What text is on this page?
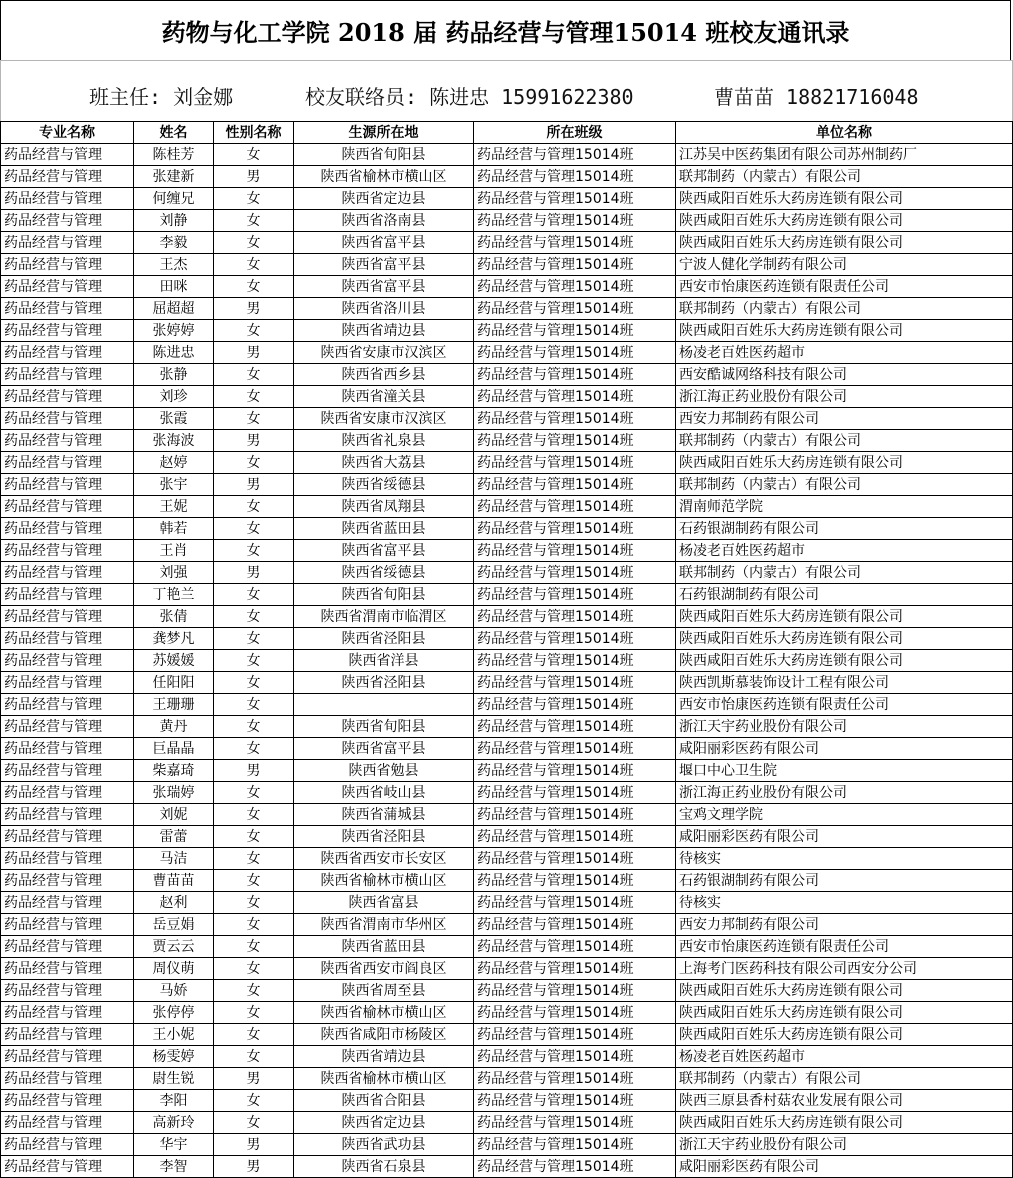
药物与化工学院 2018 届 药品经营与管理15014 班校友通讯录
班主任: 刘金娜	校友联络员: 陈进忠 15991622380	曹苗苗 18821716048
专业名称	姓名	性别名称	生源所在地	所在班级	单位名称
药品经营与管理	陈桂芳	女	陕西省旬阳县	药品经营与管理15014班	江苏吴中医药集团有限公司苏州制药厂
药品经营与管理	张建新	男	陕西省榆林市横山区	药品经营与管理15014班	联邦制药（内蒙古）有限公司
药品经营与管理	何缠兄	女	陕西省定边县	药品经营与管理15014班	陕西咸阳百姓乐大药房连锁有限公司
药品经营与管理	刘静	女	陕西省洛南县	药品经营与管理15014班	陕西咸阳百姓乐大药房连锁有限公司
药品经营与管理	李毅	女	陕西省富平县	药品经营与管理15014班	陕西咸阳百姓乐大药房连锁有限公司
药品经营与管理	王杰	女	陕西省富平县	药品经营与管理15014班	宁波人健化学制药有限公司
药品经营与管理	田咪	女	陕西省富平县	药品经营与管理15014班	西安市怡康医药连锁有限责任公司
药品经营与管理	屈超超	男	陕西省洛川县	药品经营与管理15014班	联邦制药（内蒙古）有限公司
药品经营与管理	张婷婷	女	陕西省靖边县	药品经营与管理15014班	陕西咸阳百姓乐大药房连锁有限公司
药品经营与管理	陈进忠	男	陕西省安康市汉滨区	药品经营与管理15014班	杨凌老百姓医药超市
药品经营与管理	张静	女	陕西省西乡县	药品经营与管理15014班	西安酷诚网络科技有限公司
药品经营与管理	刘珍	女	陕西省潼关县	药品经营与管理15014班	浙江海正药业股份有限公司
药品经营与管理	张霞	女	陕西省安康市汉滨区	药品经营与管理15014班	西安力邦制药有限公司
药品经营与管理	张海波	男	陕西省礼泉县	药品经营与管理15014班	联邦制药（内蒙古）有限公司
药品经营与管理	赵婷	女	陕西省大荔县	药品经营与管理15014班	陕西咸阳百姓乐大药房连锁有限公司
药品经营与管理	张宇	男	陕西省绥德县	药品经营与管理15014班	联邦制药（内蒙古）有限公司
药品经营与管理	王妮	女	陕西省凤翔县	药品经营与管理15014班	渭南师范学院
药品经营与管理	韩若	女	陕西省蓝田县	药品经营与管理15014班	石药银湖制药有限公司
药品经营与管理	王肖	女	陕西省富平县	药品经营与管理15014班	杨凌老百姓医药超市
药品经营与管理	刘强	男	陕西省绥德县	药品经营与管理15014班	联邦制药（内蒙古）有限公司
药品经营与管理	丁艳兰	女	陕西省旬阳县	药品经营与管理15014班	石药银湖制药有限公司
药品经营与管理	张倩	女	陕西省渭南市临渭区	药品经营与管理15014班	陕西咸阳百姓乐大药房连锁有限公司
药品经营与管理	龚梦凡	女	陕西省泾阳县	药品经营与管理15014班	陕西咸阳百姓乐大药房连锁有限公司
药品经营与管理	苏媛媛	女	陕西省洋县	药品经营与管理15014班	陕西咸阳百姓乐大药房连锁有限公司
药品经营与管理	任阳阳	女	陕西省泾阳县	药品经营与管理15014班	陕西凯斯慕装饰设计工程有限公司
药品经营与管理	王珊珊	女		药品经营与管理15014班	西安市怡康医药连锁有限责任公司
药品经营与管理	黄丹	女	陕西省旬阳县	药品经营与管理15014班	浙江天宇药业股份有限公司
药品经营与管理	巨晶晶	女	陕西省富平县	药品经营与管理15014班	咸阳丽彩医药有限公司
药品经营与管理	柴嘉琦	男	陕西省勉县	药品经营与管理15014班	堰口中心卫生院
药品经营与管理	张瑞婷	女	陕西省岐山县	药品经营与管理15014班	浙江海正药业股份有限公司
药品经营与管理	刘妮	女	陕西省蒲城县	药品经营与管理15014班	宝鸡文理学院
药品经营与管理	雷蕾	女	陕西省泾阳县	药品经营与管理15014班	咸阳丽彩医药有限公司
药品经营与管理	马洁	女	陕西省西安市长安区	药品经营与管理15014班	待核实
药品经营与管理	曹苗苗	女	陕西省榆林市横山区	药品经营与管理15014班	石药银湖制药有限公司
药品经营与管理	赵利	女	陕西省富县	药品经营与管理15014班	待核实
药品经营与管理	岳豆娟	女	陕西省渭南市华州区	药品经营与管理15014班	西安力邦制药有限公司
药品经营与管理	贾云云	女	陕西省蓝田县	药品经营与管理15014班	西安市怡康医药连锁有限责任公司
药品经营与管理	周仪萌	女	陕西省西安市阎良区	药品经营与管理15014班	上海考门医药科技有限公司西安分公司
药品经营与管理	马娇	女	陕西省周至县	药品经营与管理15014班	陕西咸阳百姓乐大药房连锁有限公司
药品经营与管理	张停停	女	陕西省榆林市横山区	药品经营与管理15014班	陕西咸阳百姓乐大药房连锁有限公司
药品经营与管理	王小妮	女	陕西省咸阳市杨陵区	药品经营与管理15014班	陕西咸阳百姓乐大药房连锁有限公司
药品经营与管理	杨雯婷	女	陕西省靖边县	药品经营与管理15014班	杨凌老百姓医药超市
药品经营与管理	尉生锐	男	陕西省榆林市横山区	药品经营与管理15014班	联邦制药（内蒙古）有限公司
药品经营与管理	李阳	女	陕西省合阳县	药品经营与管理15014班	陕西三原县香村菇农业发展有限公司
药品经营与管理	高新玲	女	陕西省定边县	药品经营与管理15014班	陕西咸阳百姓乐大药房连锁有限公司
药品经营与管理	华宇	男	陕西省武功县	药品经营与管理15014班	浙江天宇药业股份有限公司
药品经营与管理	李智	男	陕西省石泉县	药品经营与管理15014班	咸阳丽彩医药有限公司
